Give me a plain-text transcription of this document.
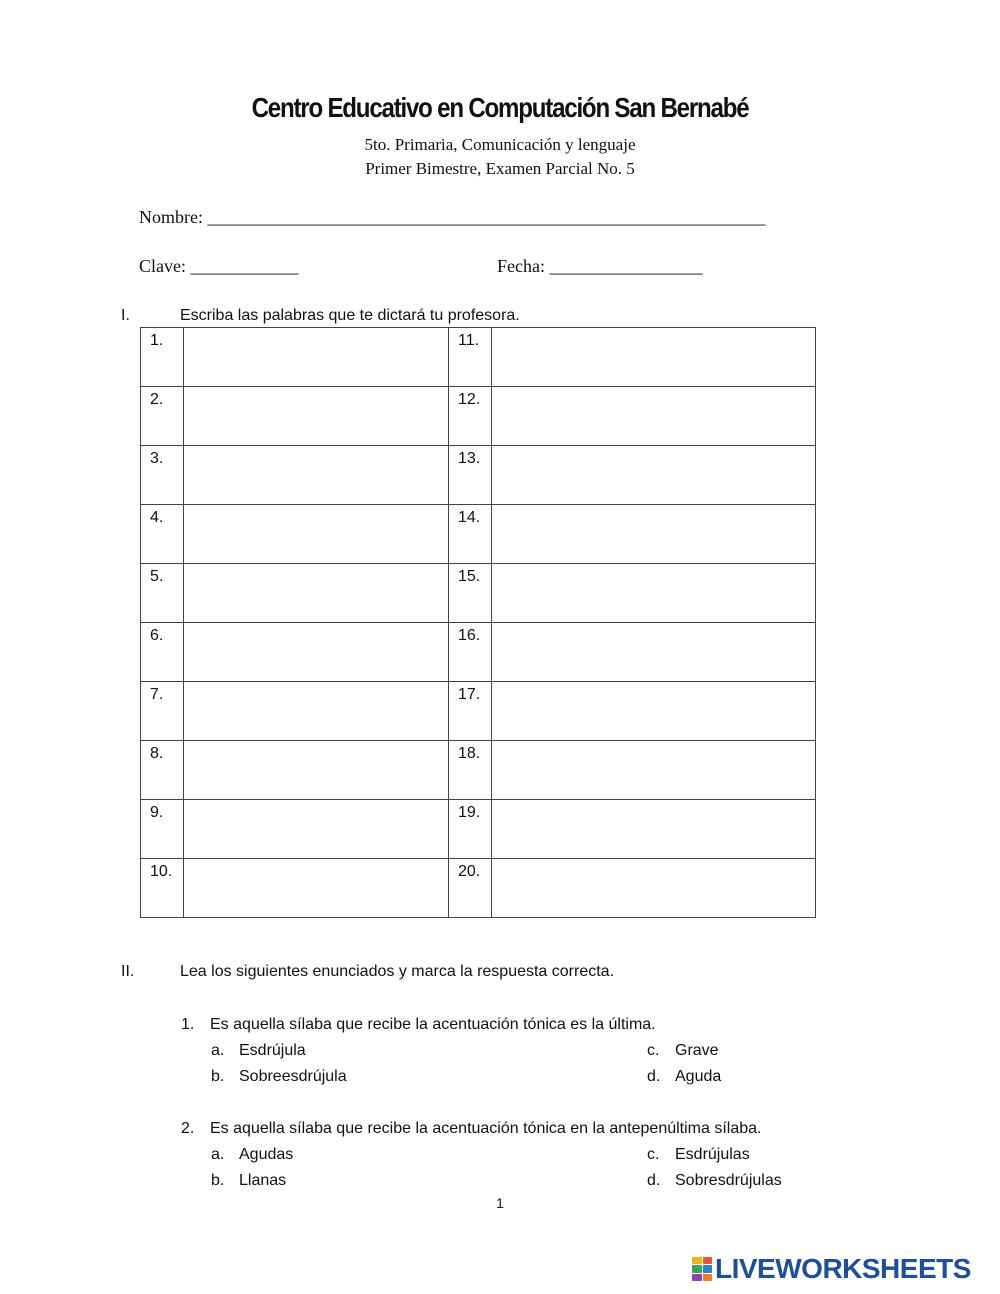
Centro Educativo en Computación San Bernabé
5to. Primaria, Comunicación y lenguaje
Primer Bimestre, Examen Parcial No. 5
Nombre: ______________________________________________________________
Clave: ____________	Fecha: _________________
I.	Escriba las palabras que te dictará tu profesora.
1.		11.	
2.		12.	
3.		13.	
4.		14.	
5.		15.	
6.		16.	
7.		17.	
8.		18.	
9.		19.	
10.		20.	
II.	Lea los siguientes enunciados y marca la respuesta correcta.
1. Es aquella sílaba que recibe la acentuación tónica es la última.
a. Esdrújula
b. Sobreesdrújula
c. Grave
d. Aguda
2. Es aquella sílaba que recibe la acentuación tónica en la antepenúltima sílaba.
a. Agudas
b. Llanas
c. Esdrújulas
d. Sobresdrújulas
1
LIVEWORKSHEETS
